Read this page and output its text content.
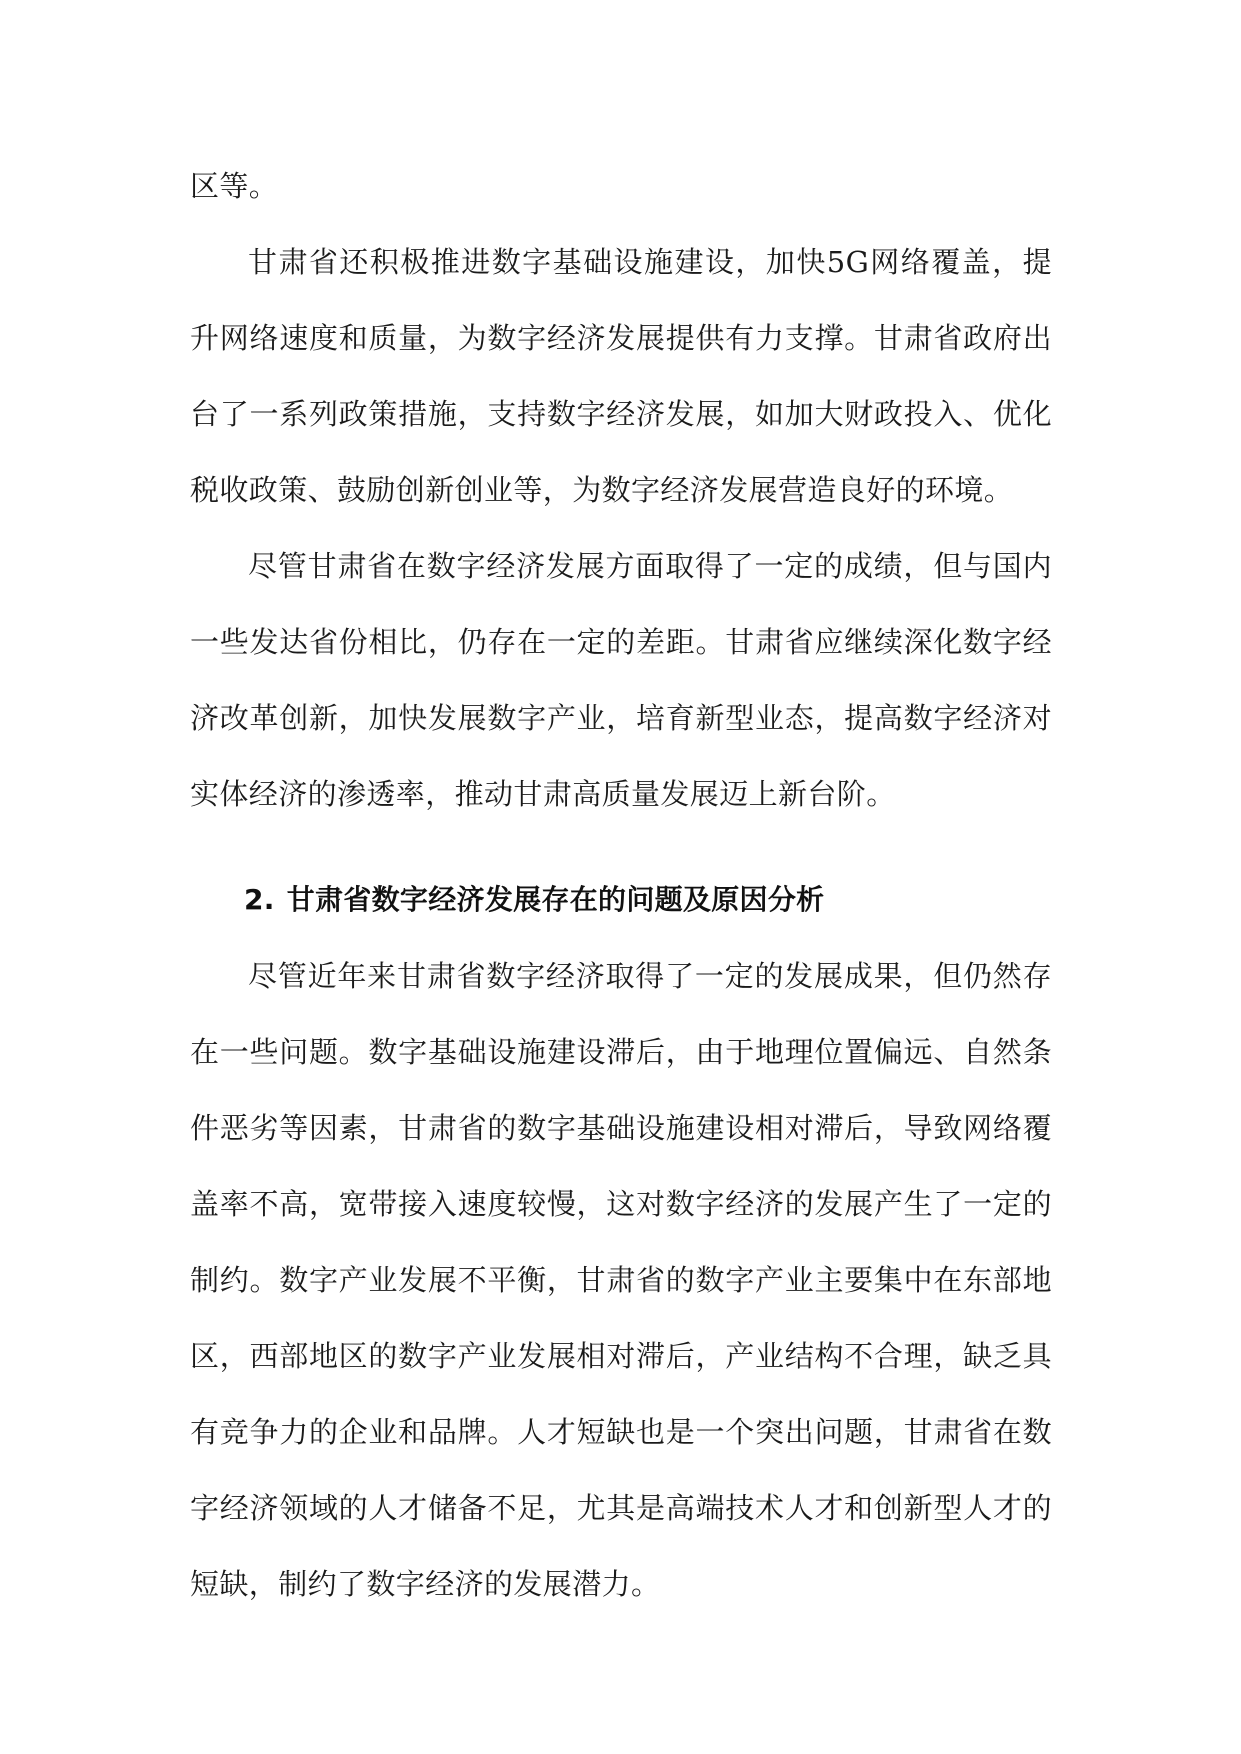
区等。

甘肃省还积极推进数字基础设施建设，加快5G网络覆盖，提升网络速度和质量，为数字经济发展提供有力支撑。甘肃省政府出台了一系列政策措施，支持数字经济发展，如加大财政投入、优化税收政策、鼓励创新创业等，为数字经济发展营造良好的环境。

尽管甘肃省在数字经济发展方面取得了一定的成绩，但与国内一些发达省份相比，仍存在一定的差距。甘肃省应继续深化数字经济改革创新，加快发展数字产业，培育新型业态，提高数字经济对实体经济的渗透率，推动甘肃高质量发展迈上新台阶。

2. 甘肃省数字经济发展存在的问题及原因分析

尽管近年来甘肃省数字经济取得了一定的发展成果，但仍然存在一些问题。数字基础设施建设滞后，由于地理位置偏远、自然条件恶劣等因素，甘肃省的数字基础设施建设相对滞后，导致网络覆盖率不高，宽带接入速度较慢，这对数字经济的发展产生了一定的制约。数字产业发展不平衡，甘肃省的数字产业主要集中在东部地区，西部地区的数字产业发展相对滞后，产业结构不合理，缺乏具有竞争力的企业和品牌。人才短缺也是一个突出问题，甘肃省在数字经济领域的人才储备不足，尤其是高端技术人才和创新型人才的短缺，制约了数字经济的发展潜力。
